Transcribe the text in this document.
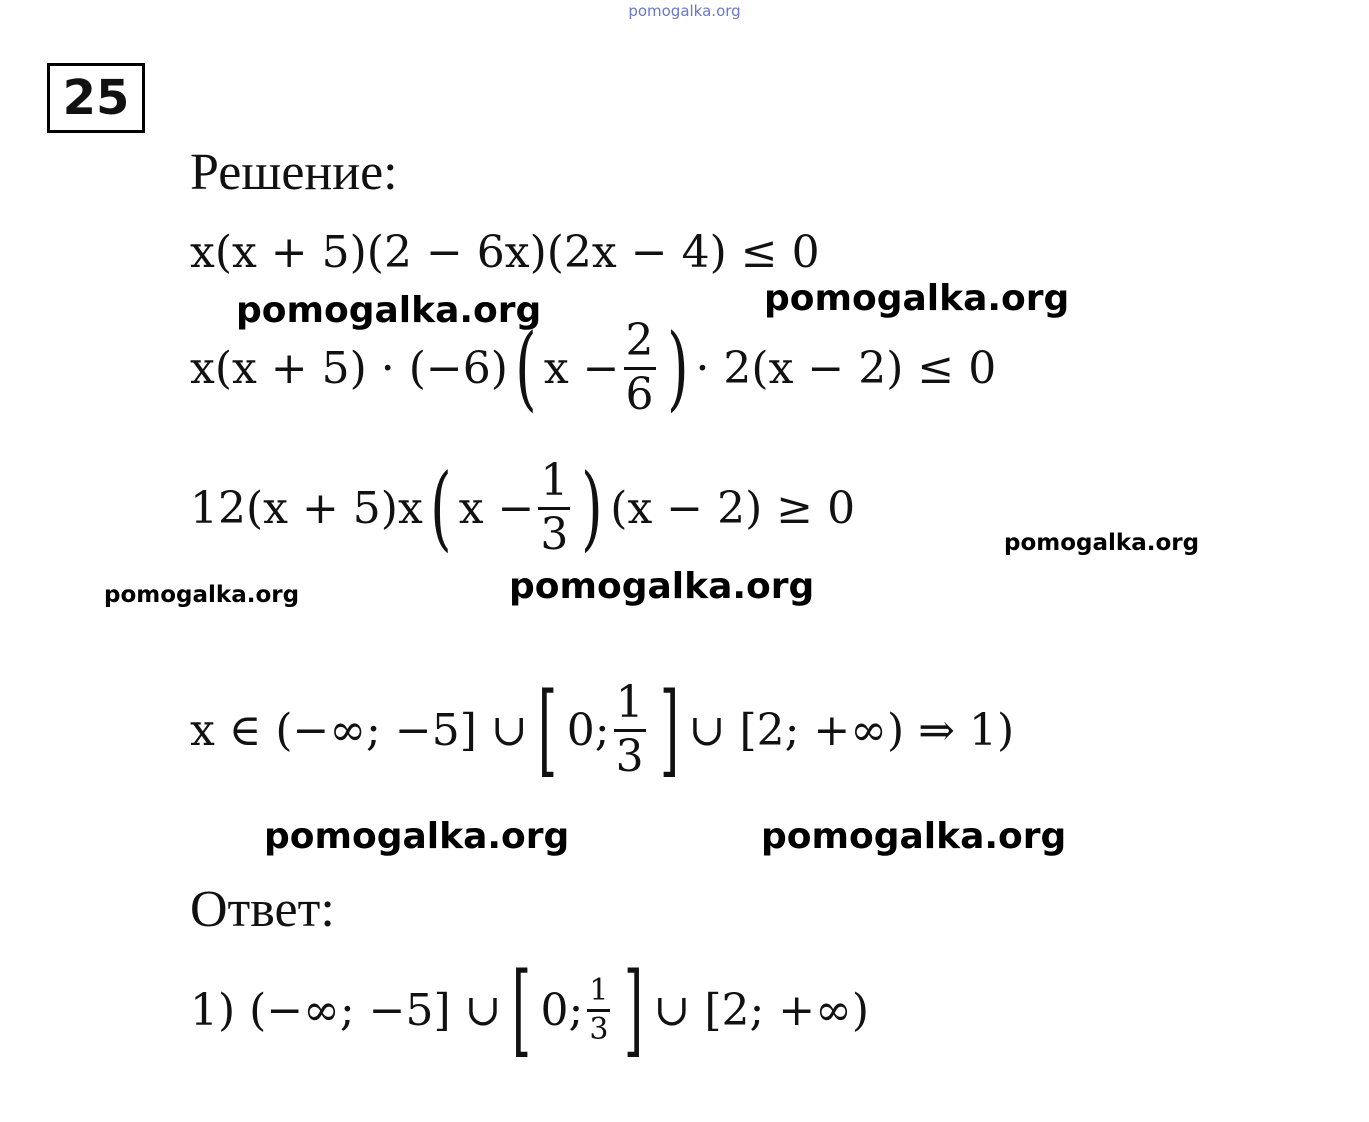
pomogalka.org
25
Решение:
x(x + 5)(2 − 6x)(2x − 4) ≤ 0
x(x + 5) · (−6) ( $x - \frac{2}{6}$ ) · 2(x − 2) ≤ 0
12(x + 5)x ( $x - \frac{1}{3}$ ) (x − 2) ≥ 0
x ∈ (−∞; −5] ∪ [ 0; $\frac{1}{3}$ ] ∪ [2; +∞) ⇒ 1)
Ответ:
1) (−∞; −5] ∪ [ 0; $\frac{1}{3}$ ] ∪ [2; +∞)
pomogalka.org	pomogalka.org
pomogalka.org
pomogalka.org	pomogalka.org
pomogalka.org	pomogalka.org
